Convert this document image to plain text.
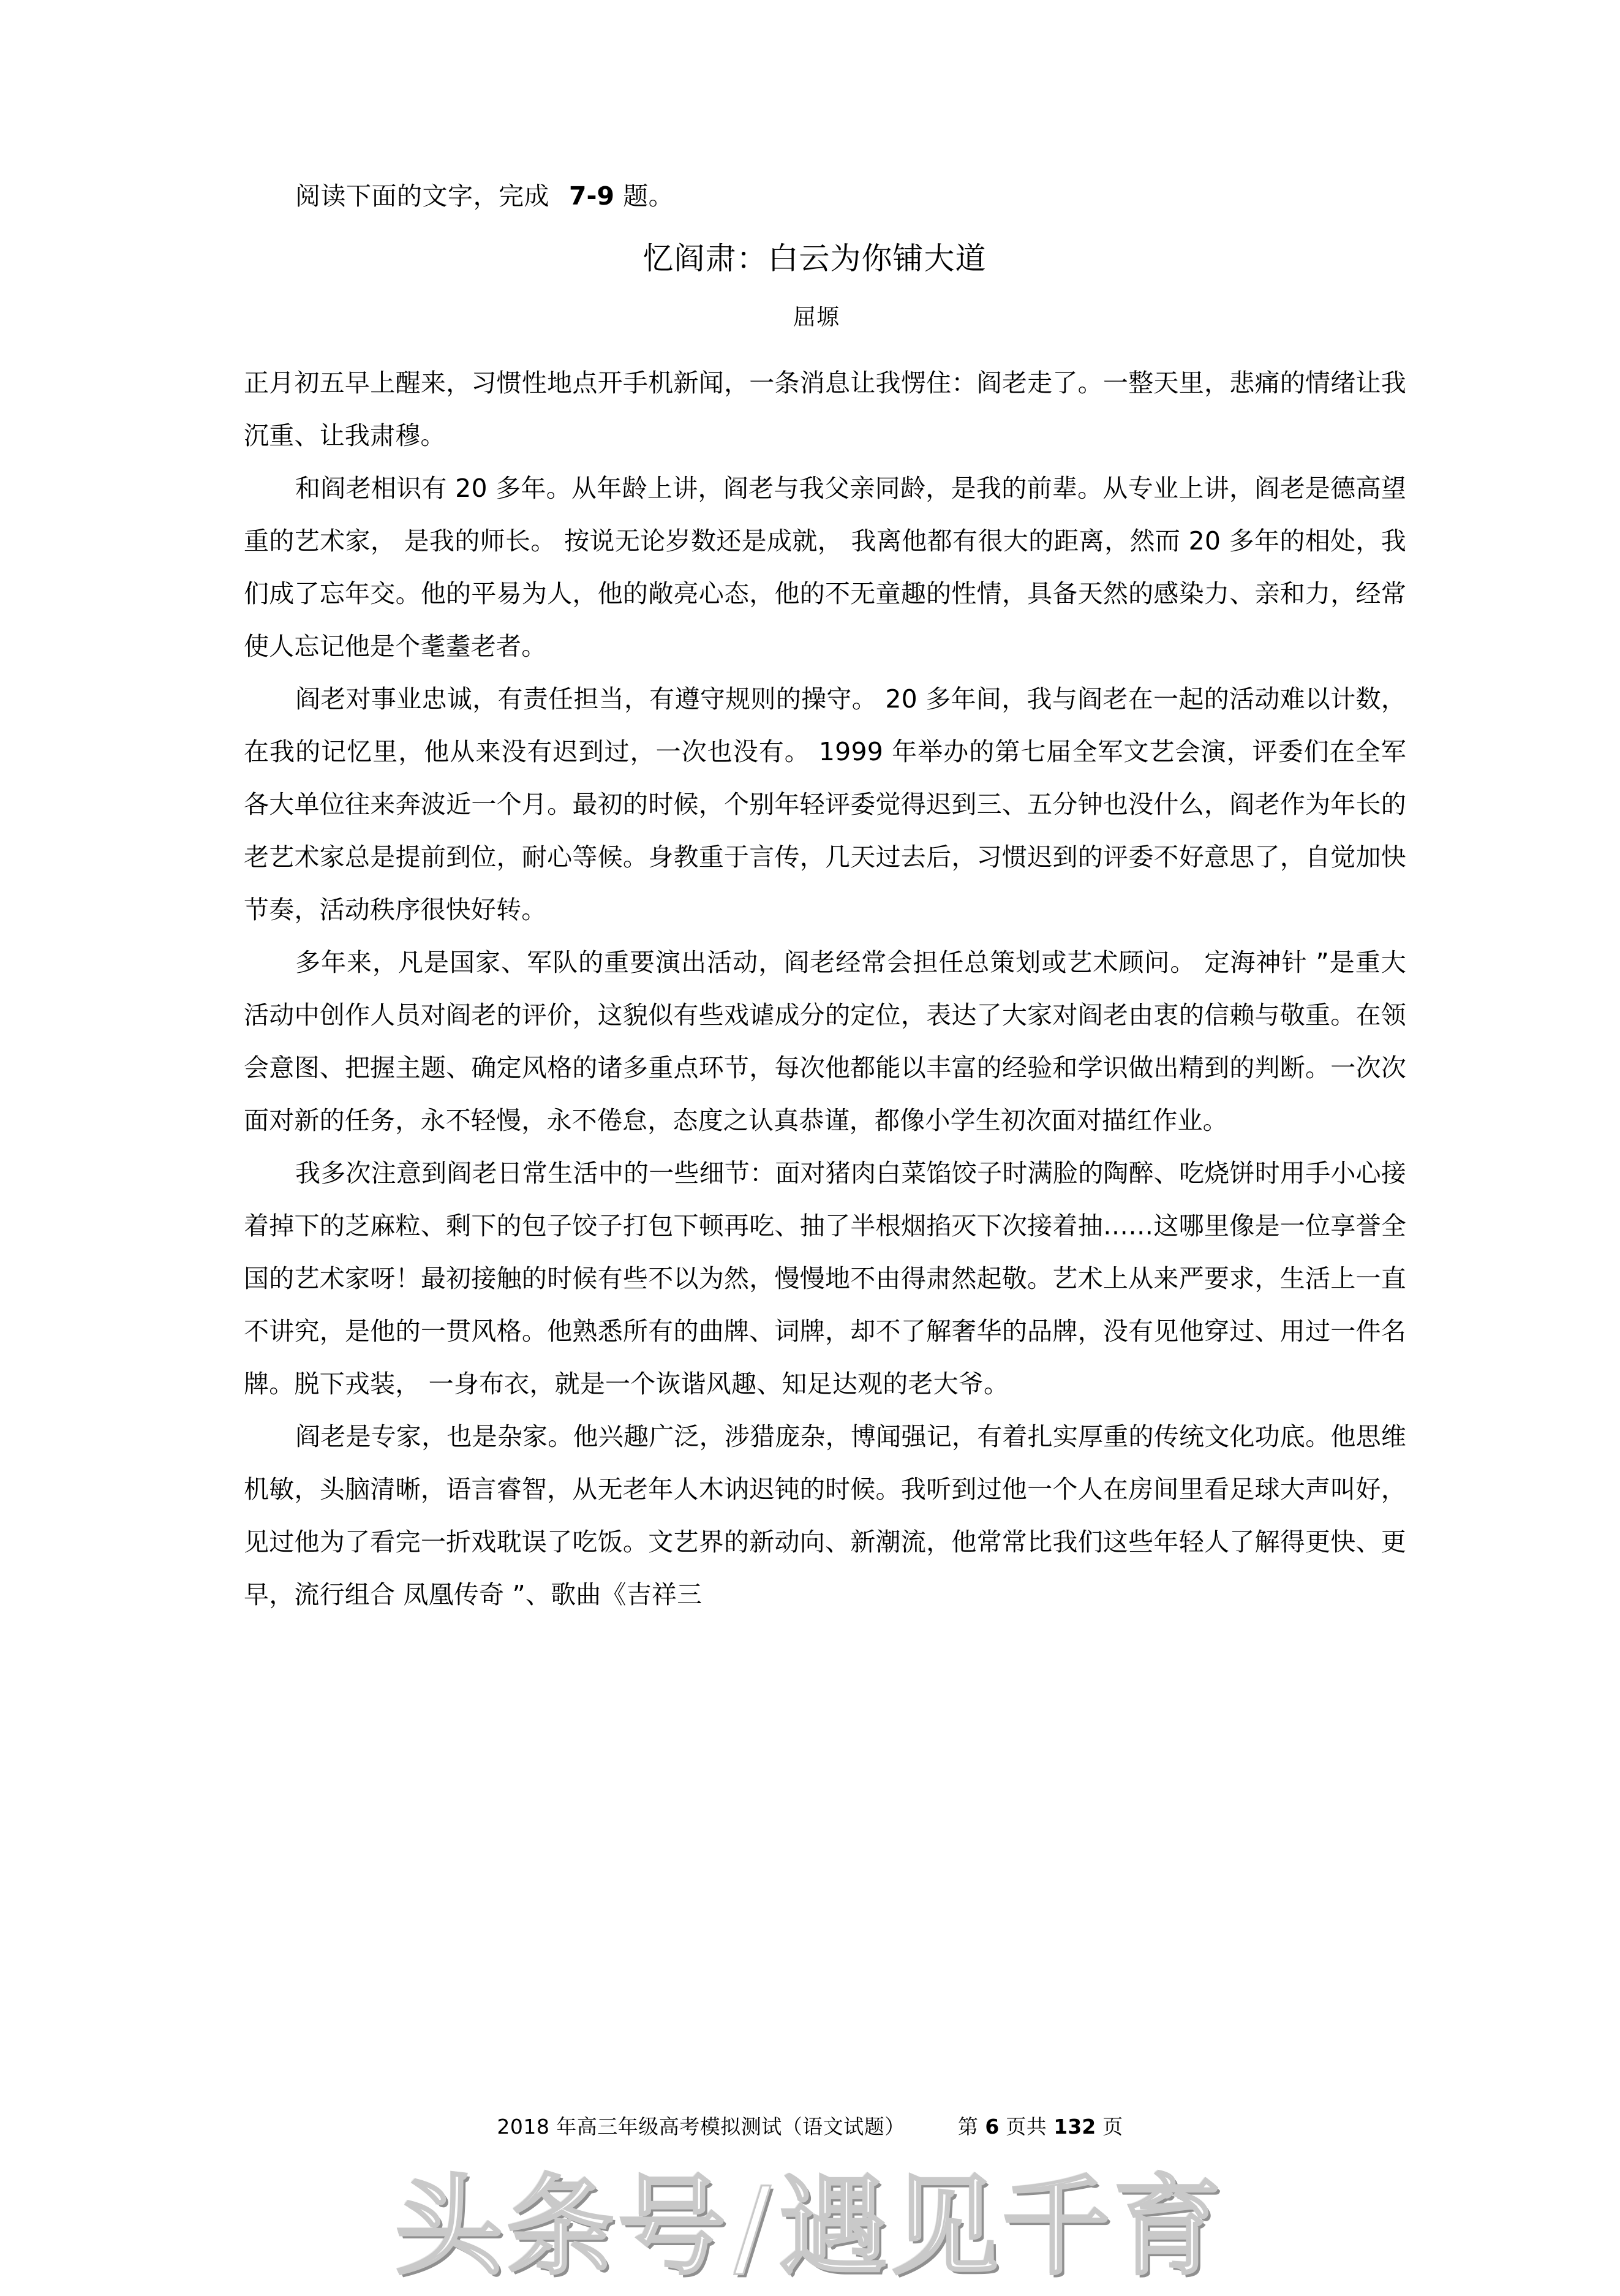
阅读下面的文字，完成 7-9 题。
忆阎肃：白云为你铺大道
屈塬

正月初五早上醒来，习惯性地点开手机新闻，一条消息让我愣住：阎老走了。一整天里，悲痛的情绪让我沉重、让我肃穆。

和阎老相识有 20 多年。从年龄上讲，阎老与我父亲同龄，是我的前辈。从专业上讲，阎老是德高望重的艺术家， 是我的师长。 按说无论岁数还是成就， 我离他都有很大的距离，然而 20 多年的相处，我们成了忘年交。他的平易为人，他的敞亮心态，他的不无童趣的性情，具备天然的感染力、亲和力，经常使人忘记他是个耄耋老者。

阎老对事业忠诚，有责任担当，有遵守规则的操守。 20 多年间，我与阎老在一起的活动难以计数，在我的记忆里，他从来没有迟到过，一次也没有。 1999 年举办的第七届全军文艺会演，评委们在全军各大单位往来奔波近一个月。最初的时候，个别年轻评委觉得迟到三、五分钟也没什么，阎老作为年长的老艺术家总是提前到位，耐心等候。身教重于言传，几天过去后，习惯迟到的评委不好意思了，自觉加快节奏，活动秩序很快好转。

多年来，凡是国家、军队的重要演出活动，阎老经常会担任总策划或艺术顾问。 定海神针 ”是重大活动中创作人员对阎老的评价，这貌似有些戏谑成分的定位，表达了大家对阎老由衷的信赖与敬重。在领会意图、把握主题、确定风格的诸多重点环节，每次他都能以丰富的经验和学识做出精到的判断。一次次面对新的任务，永不轻慢，永不倦怠，态度之认真恭谨，都像小学生初次面对描红作业。

我多次注意到阎老日常生活中的一些细节：面对猪肉白菜馅饺子时满脸的陶醉、吃烧饼时用手小心接着掉下的芝麻粒、剩下的包子饺子打包下顿再吃、抽了半根烟掐灭下次接着抽……这哪里像是一位享誉全国的艺术家呀！最初接触的时候有些不以为然，慢慢地不由得肃然起敬。艺术上从来严要求，生活上一直不讲究，是他的一贯风格。他熟悉所有的曲牌、词牌，却不了解奢华的品牌，没有见他穿过、用过一件名牌。脱下戎装， 一身布衣，就是一个诙谐风趣、知足达观的老大爷。

阎老是专家，也是杂家。他兴趣广泛，涉猎庞杂，博闻强记，有着扎实厚重的传统文化功底。他思维机敏，头脑清晰，语言睿智，从无老年人木讷迟钝的时候。我听到过他一个人在房间里看足球大声叫好，见过他为了看完一折戏耽误了吃饭。文艺界的新动向、新潮流，他常常比我们这些年轻人了解得更快、更早，流行组合 凤凰传奇 ”、歌曲《吉祥三

2018 年高三年级高考模拟测试（语文试题）	第 6 页共 132 页
头条号/遇见千育
